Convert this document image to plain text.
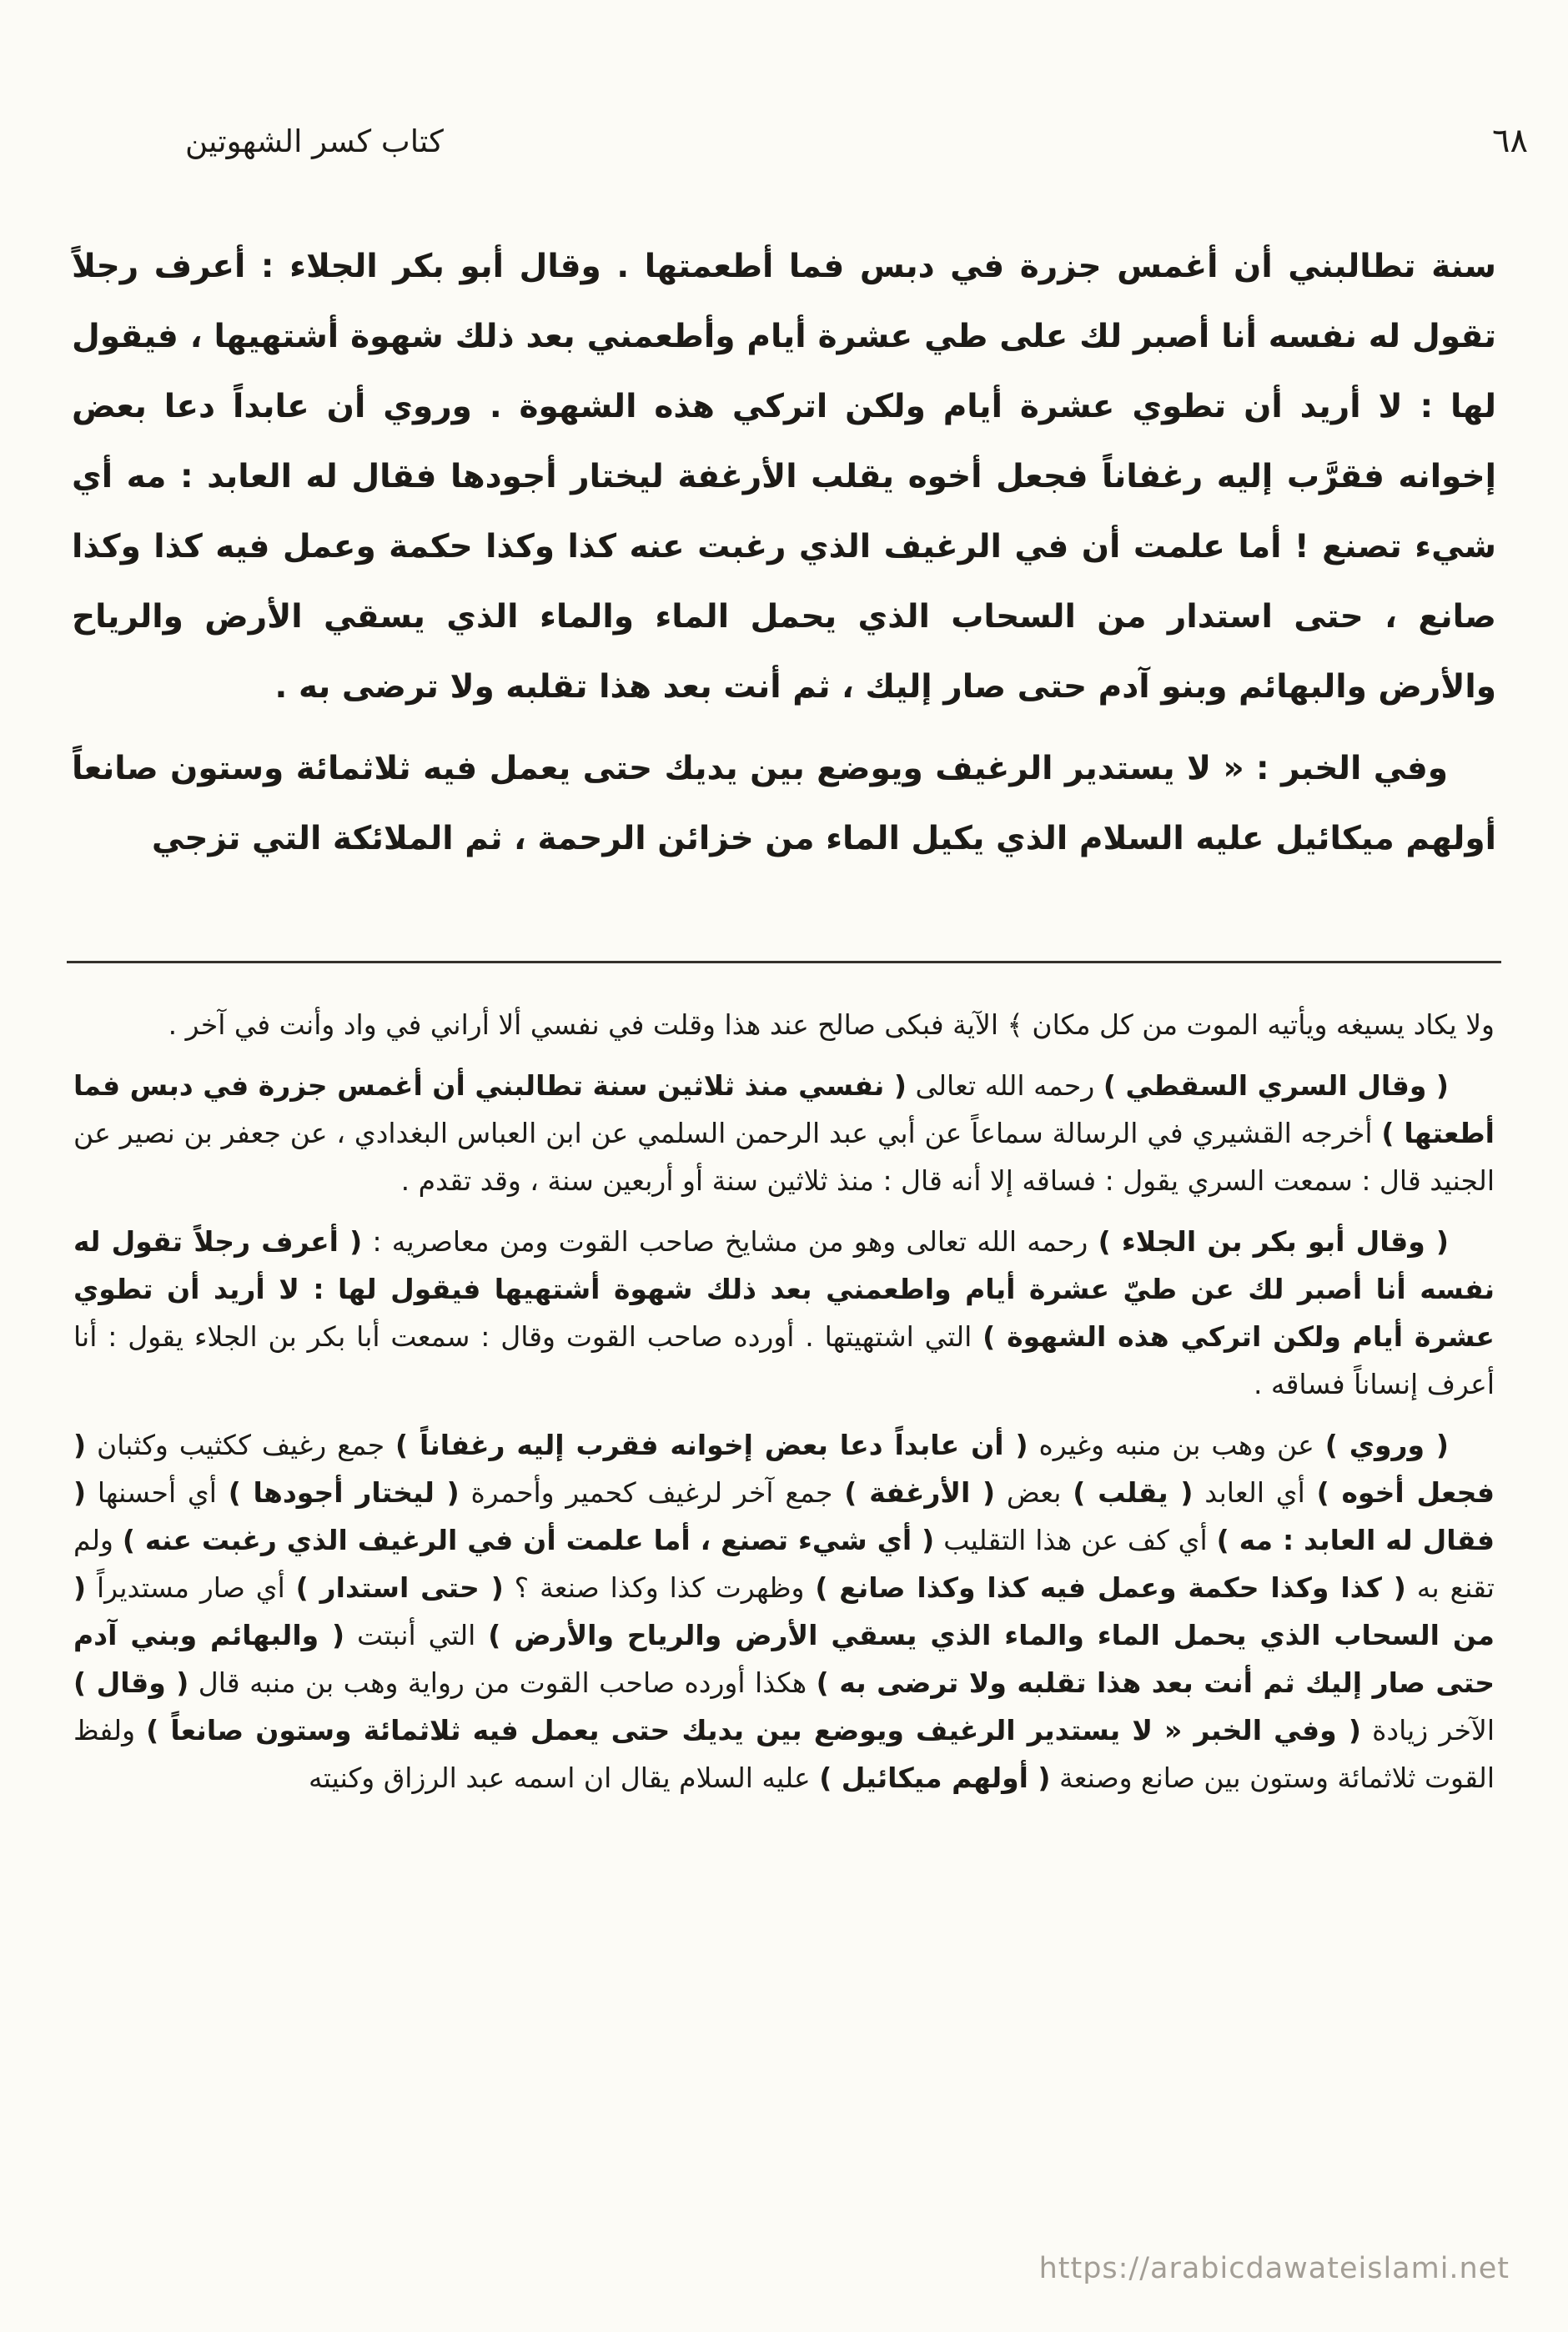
كتاب كسر الشهوتين	٦٨

سنة تطالبني أن أغمس جزرة في دبس فما أطعمتها . وقال أبو بكر الجلاء : أعرف رجلاً تقول له نفسه أنا أصبر لك على طي عشرة أيام وأطعمني بعد ذلك شهوة أشتهيها ، فيقول لها : لا أريد أن تطوي عشرة أيام ولكن اتركي هذه الشهوة . وروي أن عابداً دعا بعض إخوانه فقرَّب إليه رغفاناً فجعل أخوه يقلب الأرغفة ليختار أجودها فقال له العابد : مه أي شيء تصنع ! أما علمت أن في الرغيف الذي رغبت عنه كذا وكذا حكمة وعمل فيه كذا وكذا صانع ، حتى استدار من السحاب الذي يحمل الماء والماء الذي يسقي الأرض والرياح والأرض والبهائم وبنو آدم حتى صار إليك ، ثم أنت بعد هذا تقلبه ولا ترضى به .

وفي الخبر : « لا يستدير الرغيف ويوضع بين يديك حتى يعمل فيه ثلاثمائة وستون صانعاً أولهم ميكائيل عليه السلام الذي يكيل الماء من خزائن الرحمة ، ثم الملائكة التي تزجي

ولا يكاد يسيغه ويأتيه الموت من كل مكان ﴾ الآية فبكى صالح عند هذا وقلت في نفسي ألا أراني في واد وأنت في آخر .

( وقال السري السقطي ) رحمه الله تعالى ( نفسي منذ ثلاثين سنة تطالبني أن أغمس جزرة في دبس فما أطعتها ) أخرجه القشيري في الرسالة سماعاً عن أبي عبد الرحمن السلمي عن ابن العباس البغدادي ، عن جعفر بن نصير عن الجنيد قال : سمعت السري يقول : فساقه إلا أنه قال : منذ ثلاثين سنة أو أربعين سنة ، وقد تقدم .

( وقال أبو بكر بن الجلاء ) رحمه الله تعالى وهو من مشايخ صاحب القوت ومن معاصريه : ( أعرف رجلاً تقول له نفسه أنا أصبر لك عن طيّ عشرة أيام واطعمني بعد ذلك شهوة أشتهيها فيقول لها : لا أريد أن تطوي عشرة أيام ولكن اتركي هذه الشهوة ) التي اشتهيتها . أورده صاحب القوت وقال : سمعت أبا بكر بن الجلاء يقول : أنا أعرف إنساناً فساقه .

( وروي ) عن وهب بن منبه وغيره ( أن عابداً دعا بعض إخوانه فقرب إليه رغفاناً ) جمع رغيف ككثيب وكثبان ( فجعل أخوه ) أي العابد ( يقلب ) بعض ( الأرغفة ) جمع آخر لرغيف كحمير وأحمرة ( ليختار أجودها ) أي أحسنها ( فقال له العابد : مه ) أي كف عن هذا التقليب ( أي شيء تصنع ، أما علمت أن في الرغيف الذي رغبت عنه ) ولم تقنع به ( كذا وكذا حكمة وعمل فيه كذا وكذا صانع ) وظهرت كذا وكذا صنعة ؟ ( حتى استدار ) أي صار مستديراً ( من السحاب الذي يحمل الماء والماء الذي يسقي الأرض والرياح والأرض ) التي أنبتت ( والبهائم وبني آدم حتى صار إليك ثم أنت بعد هذا تقلبه ولا ترضى به ) هكذا أورده صاحب القوت من رواية وهب بن منبه قال ( وقال ) الآخر زيادة ( وفي الخبر « لا يستدير الرغيف ويوضع بين يديك حتى يعمل فيه ثلاثمائة وستون صانعاً ) ولفظ القوت ثلاثمائة وستون بين صانع وصنعة ( أولهم ميكائيل ) عليه السلام يقال ان اسمه عبد الرزاق وكنيته

https://arabicdawateislami.net
